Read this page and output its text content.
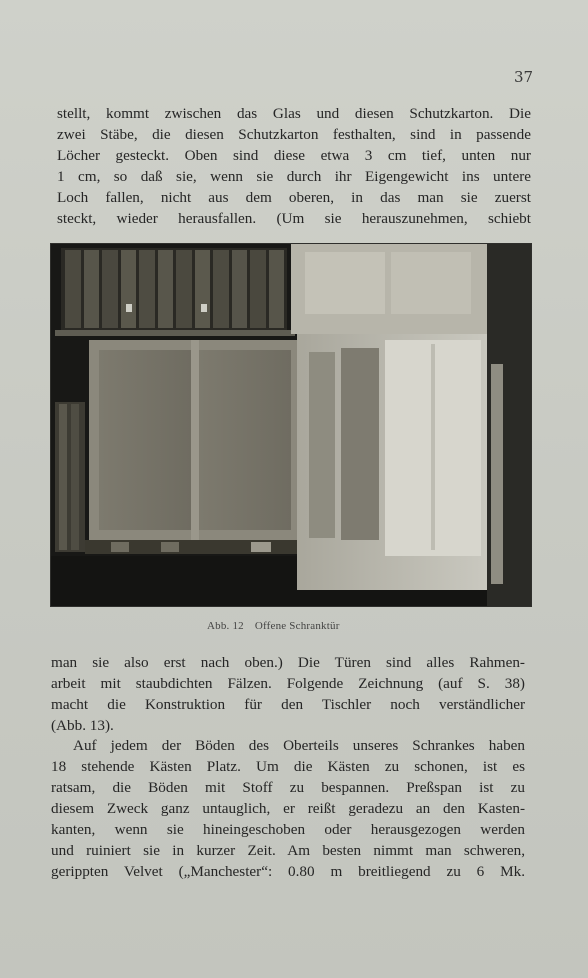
37

stellt, kommt zwischen das Glas und diesen Schutzkarton. Die
zwei Stäbe, die diesen Schutzkarton festhalten, sind in passende
Löcher gesteckt. Oben sind diese etwa 3 cm tief, unten nur
1 cm, so daß sie, wenn sie durch ihr Eigengewicht ins untere
Loch fallen, nicht aus dem oberen, in das man sie zuerst
steckt, wieder herausfallen. (Um sie herauszunehmen, schiebt

Abb. 12 Offene Schranktür

man sie also erst nach oben.) Die Türen sind alles Rahmen-
arbeit mit staubdichten Fälzen. Folgende Zeichnung (auf S. 38)
macht die Konstruktion für den Tischler noch verständlicher
(Abb. 13).

Auf jedem der Böden des Oberteils unseres Schrankes haben
18 stehende Kästen Platz. Um die Kästen zu schonen, ist es
ratsam, die Böden mit Stoff zu bespannen. Preßspan ist zu
diesem Zweck ganz untauglich, er reißt geradezu an den Kasten-
kanten, wenn sie hineingeschoben oder herausgezogen werden
und ruiniert sie in kurzer Zeit. Am besten nimmt man schweren,
gerippten Velvet („Manchester“: 0.80 m breitliegend zu 6 Mk.
